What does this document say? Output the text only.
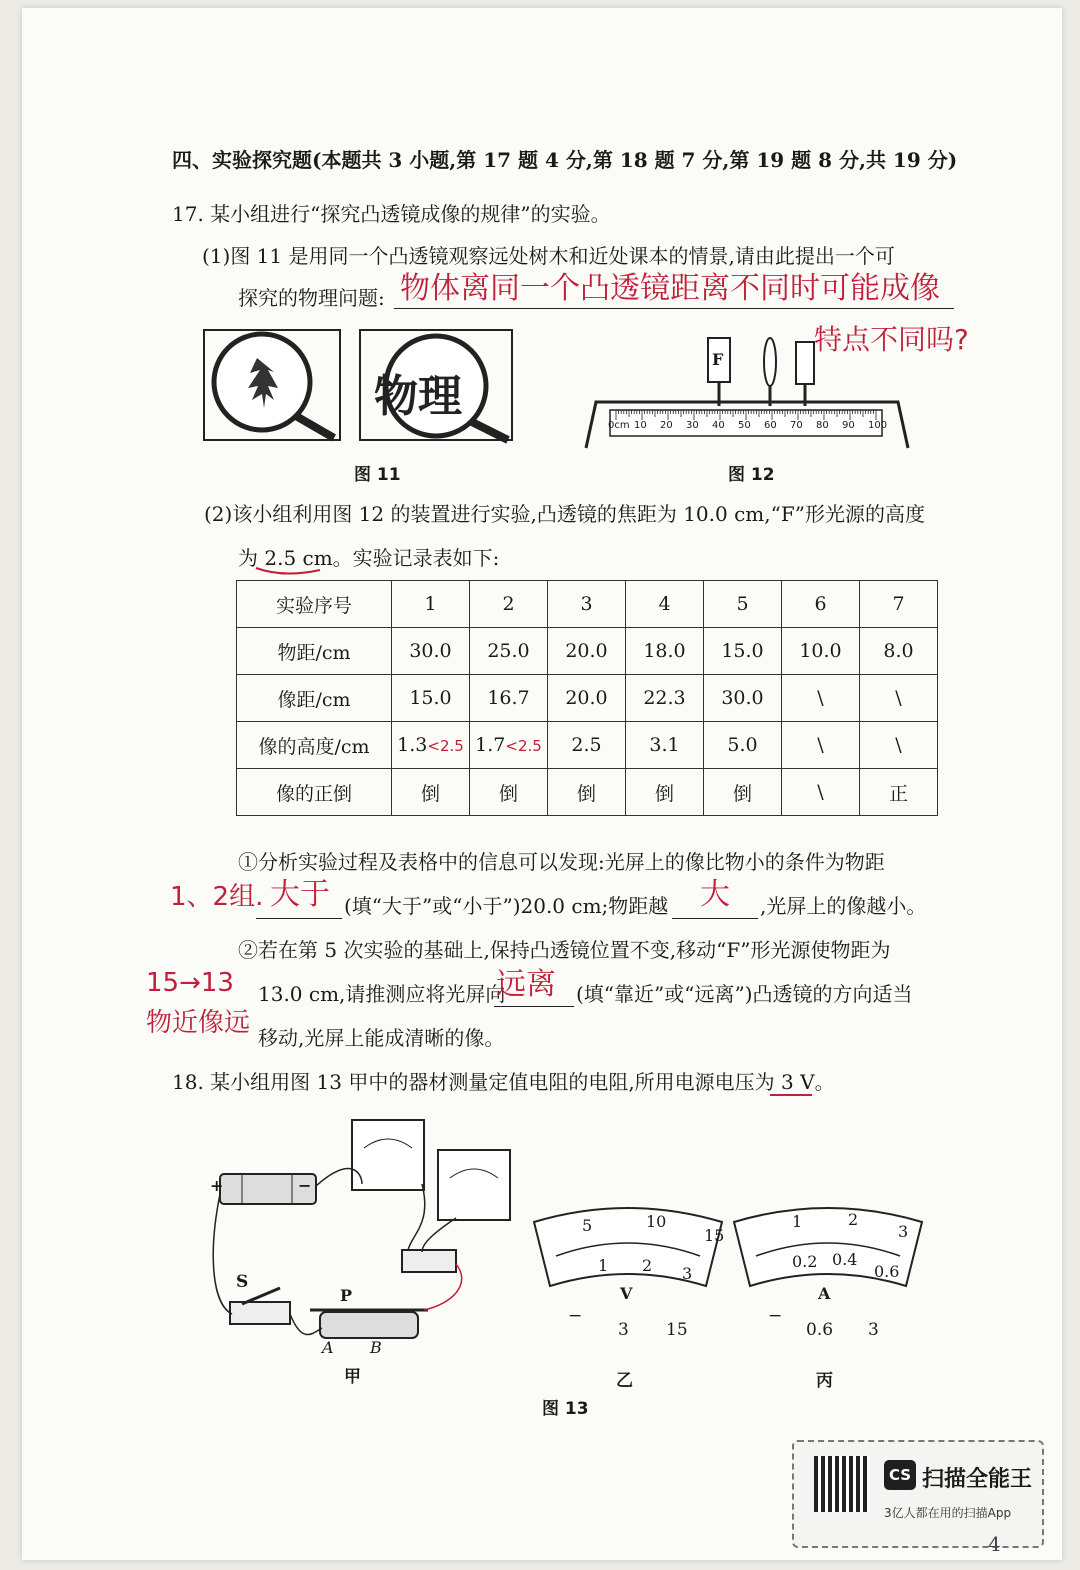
四、实验探究题(本题共 3 小题,第 17 题 4 分,第 18 题 7 分,第 19 题 8 分,共 19 分)
17. 某小组进行“探究凸透镜成像的规律”的实验。
(1)图 11 是用同一个凸透镜观察远处树木和近处课本的情景,请由此提出一个可
探究的物理问题: 物体离同一个凸透镜距离不同时可能成像
特点不同吗?
物理
图 11
F
0cm 10 20 30 40 50 60 70 80 90 100
图 12
(2)该小组利用图 12 的装置进行实验,凸透镜的焦距为 10.0 cm,“F”形光源的高度
为 2.5 cm。实验记录表如下:
实验序号	1	2	3	4	5	6	7
物距/cm	30.0	25.0	20.0	18.0	15.0	10.0	8.0
像距/cm	15.0	16.7	20.0	22.3	30.0	\	\
像的高度/cm	1.3<2.5	1.7<2.5	2.5	3.1	5.0	\	\
像的正倒	倒	倒	倒	倒	倒	\	正
①分析实验过程及表格中的信息可以发现:光屏上的像比物小的条件为物距
1、2组. 大于 (填“大于”或“小于”)20.0 cm;物距越 大 ,光屏上的像越小。
②若在第 5 次实验的基础上,保持凸透镜位置不变,移动“F”形光源使物距为
15→13
物近像远
13.0 cm,请推测应将光屏向
远离 (填“靠近”或“远离”)凸透镜的方向适当
移动,光屏上能成清晰的像。
18. 某小组用图 13 甲中的器材测量定值电阻的电阻,所用电源电压为 3 V。
+	−
S
P
A B
甲
5	10
15
1 2 3
V
−
3 15
乙
1	2
3
0.2 0.4
0.6
A
−
0.6 3
丙
图 13
CS 扫描全能王
3亿人都在用的扫描App
4
